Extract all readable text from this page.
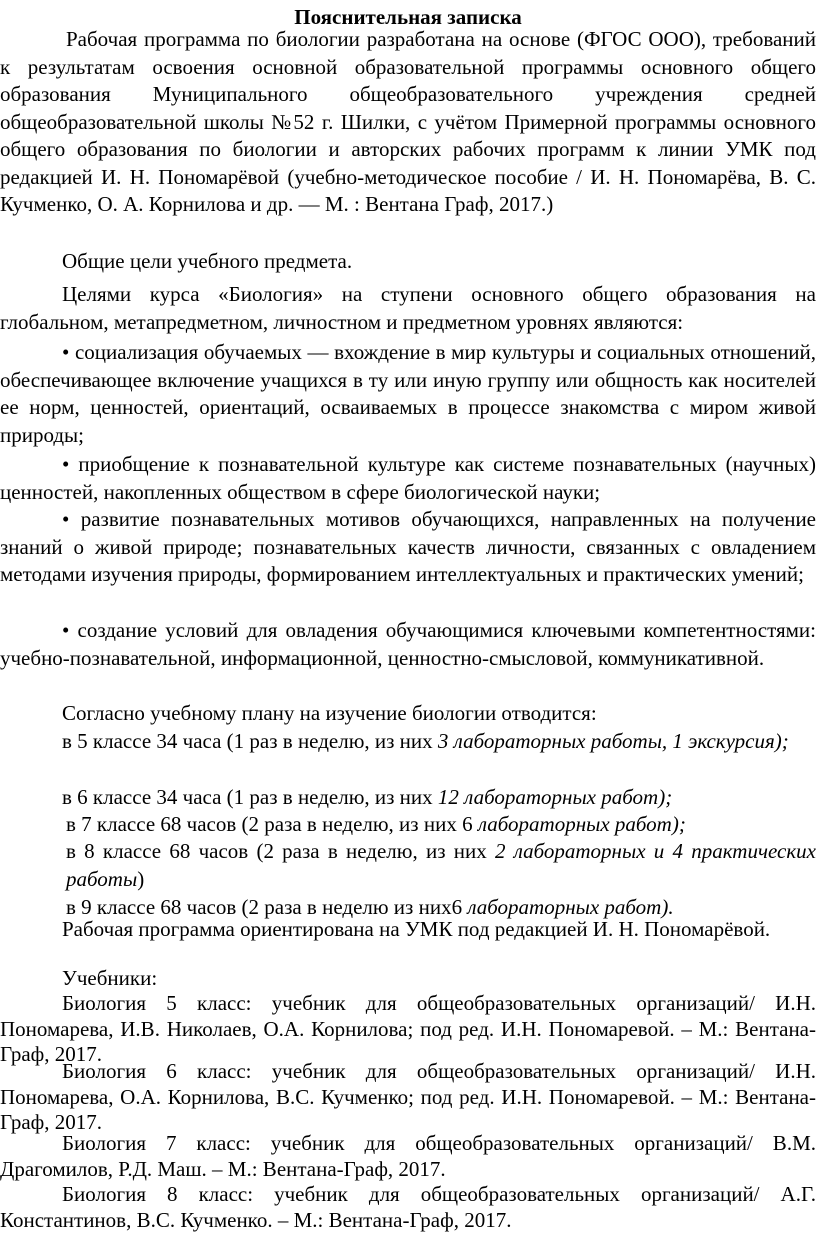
Пояснительная записка

Рабочая программа по биологии разработана на основе (ФГОС ООО), требований к результатам освоения основной образовательной программы основного общего образования Муниципального общеобразовательного учреждения средней общеобразовательной школы №52 г. Шилки, с учётом Примерной программы основного общего образования по биологии и авторских рабочих программ к линии УМК под редакцией И. Н. Пономарёвой (учебно-методическое пособие / И. Н. Пономарёва, В. С. Кучменко, О. А. Корнилова и др. — М. : Вентана Граф, 2017.)

Общие цели учебного предмета.

Целями курса «Биология» на ступени основного общего образования на глобальном, метапредметном, личностном и предметном уровнях являются:

• социализация обучаемых — вхождение в мир культуры и социальных отношений, обеспечивающее включение учащихся в ту или иную группу или общность как носителей ее норм, ценностей, ориентаций, осваиваемых в процессе знакомства с миром живой природы;

• приобщение к познавательной культуре как системе познавательных (научных) ценностей, накопленных обществом в сфере биологической науки;

• развитие познавательных мотивов обучающихся, направленных на получение знаний о живой природе; познавательных качеств личности, связанных с овладением методами изучения природы, формированием интеллектуальных и практических умений;

• создание условий для овладения обучающимися ключевыми компетентностями: учебно-познавательной, информационной, ценностно-смысловой, коммуникативной.

Согласно учебному плану на изучение биологии отводится:

в 5 классе 34 часа (1 раз в неделю, из них 3 лабораторных работы, 1 экскурсия);

в 6 классе 34 часа (1 раз в неделю, из них 12 лабораторных работ);

в 7 классе 68 часов (2 раза в неделю, из них 6 лабораторных работ);

в 8 классе 68 часов (2 раза в неделю, из них 2 лабораторных и 4 практических работы)

в 9 классе 68 часов (2 раза в неделю из них6 лабораторных работ).

Рабочая программа ориентирована на УМК под редакцией И. Н. Пономарёвой.

Учебники:

Биология 5 класс: учебник для общеобразовательных организаций/ И.Н. Пономарева, И.В. Николаев, О.А. Корнилова; под ред. И.Н. Пономаревой. – М.: Вентана-Граф, 2017.

Биология 6 класс: учебник для общеобразовательных организаций/ И.Н. Пономарева, О.А. Корнилова, В.С. Кучменко; под ред. И.Н. Пономаревой. – М.: Вентана-Граф, 2017.

Биология 7 класс: учебник для общеобразовательных организаций/ В.М. Драгомилов, Р.Д. Маш. – М.: Вентана-Граф, 2017.

Биология 8 класс: учебник для общеобразовательных организаций/ А.Г. Константинов, В.С. Кучменко. – М.: Вентана-Граф, 2017.
